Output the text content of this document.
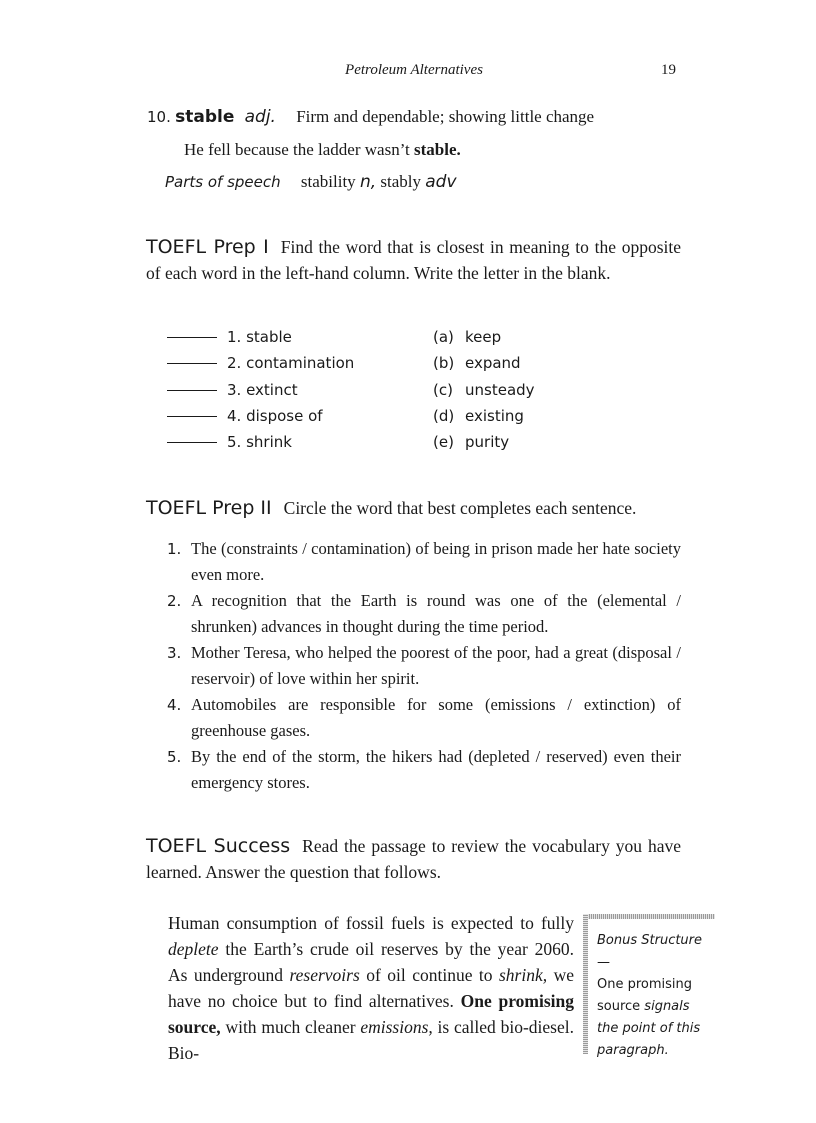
Petroleum Alternatives	19
10. stable adj. Firm and dependable; showing little change
He fell because the ladder wasn’t stable.
Parts of speech stability n, stably adv
TOEFL Prep I Find the word that is closest in meaning to the opposite of each word in the left-hand column. Write the letter in the blank.
1. stable	(a) keep
2. contamination	(b) expand
3. extinct	(c) unsteady
4. dispose of	(d) existing
5. shrink	(e) purity
TOEFL Prep II Circle the word that best completes each sentence.
1. The (constraints / contamination) of being in prison made her hate society even more.
2. A recognition that the Earth is round was one of the (elemental / shrunken) advances in thought during the time period.
3. Mother Teresa, who helped the poorest of the poor, had a great (disposal / reservoir) of love within her spirit.
4. Automobiles are responsible for some (emissions / extinction) of greenhouse gases.
5. By the end of the storm, the hikers had (depleted / reserved) even their emergency stores.
TOEFL Success Read the passage to review the vocabulary you have learned. Answer the question that follows.
Human consumption of fossil fuels is expected to fully deplete the Earth’s crude oil reserves by the year 2060. As underground reservoirs of oil continue to shrink, we have no choice but to find alternatives. One promising source, with much cleaner emissions, is called bio-diesel. Bio-
Bonus Structure—
One promising source signals the point of this paragraph.
